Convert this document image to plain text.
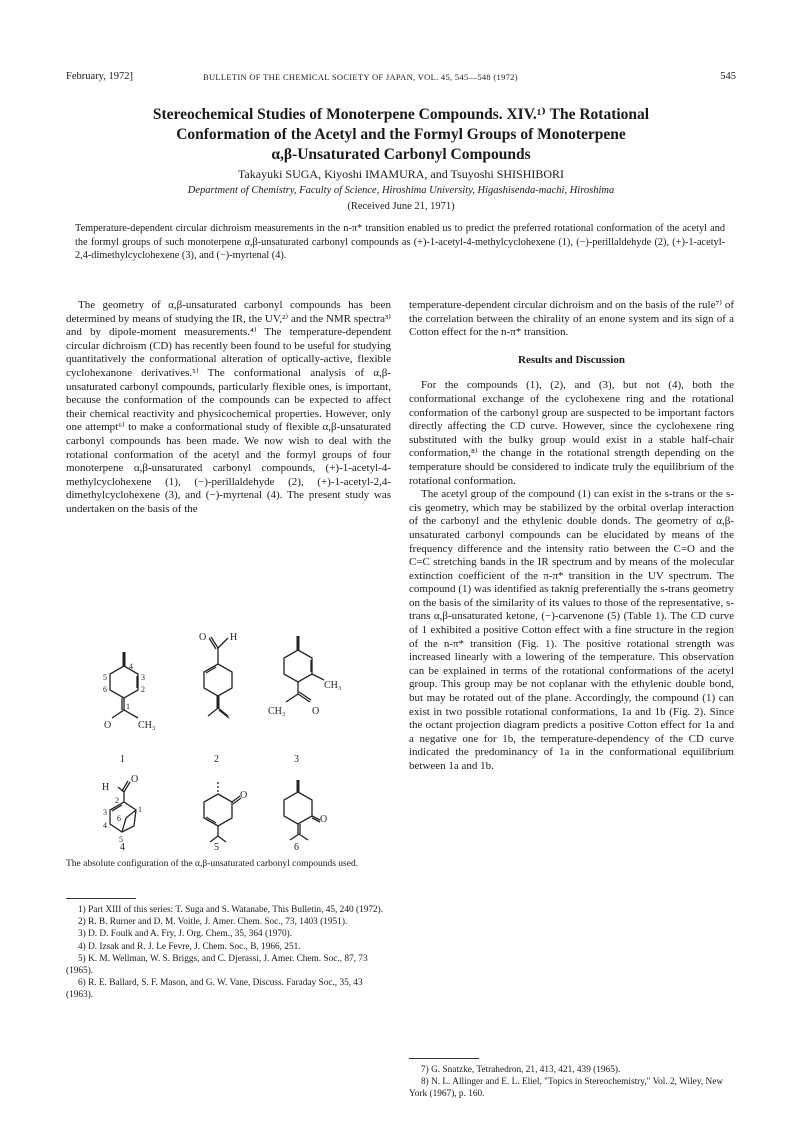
February, 1972]	BULLETIN OF THE CHEMICAL SOCIETY OF JAPAN, VOL. 45, 545—548 (1972)	545
Stereochemical Studies of Monoterpene Compounds. XIV.¹⁾ The Rotational
Conformation of the Acetyl and the Formyl Groups of Monoterpene
α,β-Unsaturated Carbonyl Compounds
Takayuki SUGA, Kiyoshi IMAMURA, and Tsuyoshi SHISHIBORI
Department of Chemistry, Faculty of Science, Hiroshima University, Higashisenda-machi, Hiroshima
(Received June 21, 1971)
Temperature-dependent circular dichroism measurements in the n-π* transition enabled us to predict the preferred rotational conformation of the acetyl and the formyl groups of such monoterpene α,β-unsaturated carbonyl compounds as (+)-1-acetyl-4-methylcyclohexene (1), (−)-perillaldehyde (2), (+)-1-acetyl-2,4-dimethylcyclohexene (3), and (−)-myrtenal (4).

The geometry of α,β-unsaturated carbonyl compounds has been determined by means of studying the IR, the UV,²⁾ and the NMR spectra³⁾ and by dipole-moment measurements.⁴⁾ The temperature-dependent circular dichroism (CD) has recently been found to be useful for studying quantitatively the conformational alteration of optically-active, flexible cyclohexanone derivatives.⁵⁾ The conformational analysis of α,β-unsaturated carbonyl compounds, particularly flexible ones, is important, because the conformation of the compounds can be expected to affect their chemical reactivity and physicochemical properties. However, only one attempt⁶⁾ to make a conformational study of flexible α,β-unsaturated carbonyl compounds has been made. We now wish to deal with the rotational conformation of the acetyl and the formyl groups of four monoterpene α,β-unsaturated carbonyl compounds, (+)-1-acetyl-4-methylcyclohexene (1), (−)-perillaldehyde (2), (+)-1-acetyl-2,4-dimethylcyclohexene (3), and (−)-myrtenal (4). The present study was undertaken on the basis of the

O	CH₃
4
5	3
6	2
1
1
O H
2
CH₃
CH₃	O
3
H
O
2
3
4
5
6
1
4
O
5
O
6
The absolute configuration of the α,β-unsaturated carbonyl compounds used.

1) Part XIII of this series: T. Suga and S. Watanabe, This Bulletin, 45, 240 (1972).

2) R. B. Rurner and D. M. Voitle, J. Amer. Chem. Soc., 73, 1403 (1951).

3) D. D. Foulk and A. Fry, J. Org. Chem., 35, 364 (1970).

4) D. Izsak and R. J. Le Fevre, J. Chem. Soc., B, 1966, 251.

5) K. M. Wellman, W. S. Briggs, and C. Djerassi, J. Amer. Chem. Soc., 87, 73 (1965).

6) R. E. Ballard, S. F. Mason, and G. W. Vane, Discuss. Faraday Soc., 35, 43 (1963).

temperature-dependent circular dichroism and on the basis of the rule⁷⁾ of the correlation between the chirality of an enone system and its sign of a Cotton effect for the n-π* transition.

Results and Discussion

For the compounds (1), (2), and (3), but not (4), both the conformational exchange of the cyclohexene ring and the rotational conformation of the carbonyl group are suspected to be important factors directly affecting the CD curve. However, since the cyclohexene ring substituted with the bulky group would exist in a stable half-chair conformation,⁸⁾ the change in the rotational strength depending on the temperature should be considered to indicate truly the equilibrium of the rotational conformation.

The acetyl group of the compound (1) can exist in the s-trans or the s-cis geometry, which may be stabilized by the orbital overlap interaction of the carbonyl and the ethylenic double donds. The geometry of α,β-unsaturated carbonyl compounds can be elucidated by means of the frequency difference and the intensity ratio between the C=O and the C=C stretching bands in the IR spectrum and by means of the molecular extinction coefficient of the π-π* transition in the UV spectrum. The compound (1) was identified as taknig preferentially the s-trans geometry on the basis of the similarity of its values to those of the representative, s-trans α,β-unsaturated ketone, (−)-carvenone (5) (Table 1). The CD curve of 1 exhibited a positive Cotton effect with a fine structure in the region of the n-π* transition (Fig. 1). The positive rotational strength was increased linearly with a lowering of the temperature. This observation can be explained in terms of the rotational conformations of the acetyl group. This group may be not coplanar with the ethylenic double bond, but may be rotated out of the plane. Accordingly, the compound (1) can exist in two possible rotational conformations, 1a and 1b (Fig. 2). Since the octant projection diagram predicts a positive Cotton effect for 1a and a negative one for 1b, the temperature-dependency of the CD curve indicated the predominancy of 1a in the conformational equilibrium between 1a and 1b.

7) G. Snatzke, Tetrahedron, 21, 413, 421, 439 (1965).

8) N. L. Allinger and E. L. Eliel, "Topics in Stereochemistry," Vol. 2, Wiley, New York (1967), p. 160.
